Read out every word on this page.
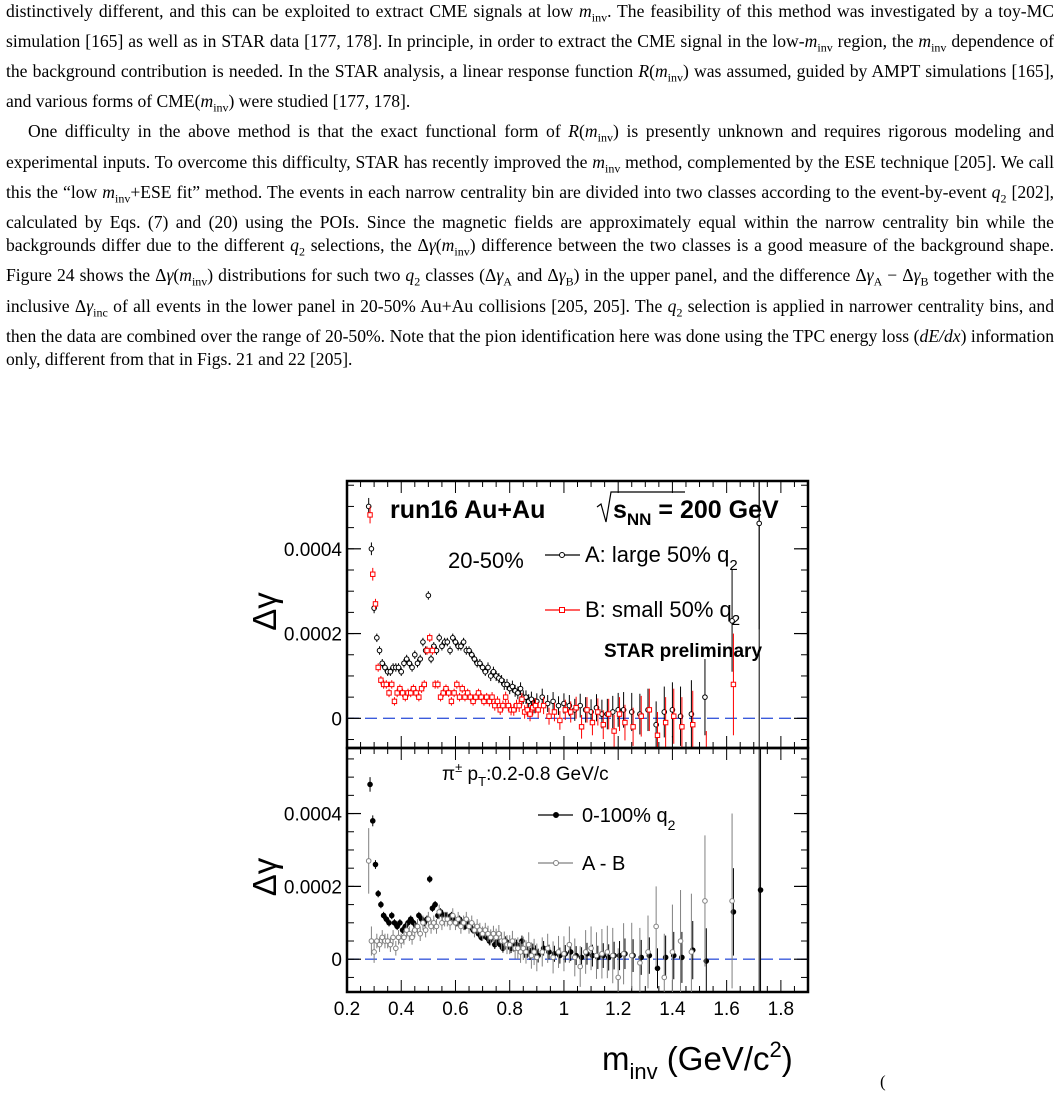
distinctively different, and this can be exploited to extract CME signals at low $m_{inv}$. The feasibility of this method was investigated by a toy-MC simulation [165] as well as in STAR data [177, 178]. In principle, in order to extract the CME signal in the low-$m_{inv}$ region, the $m_{inv}$ dependence of the background contribution is needed. In the STAR analysis, a linear response function $R(m_{inv})$ was assumed, guided by AMPT simulations [165], and various forms of $CME(m_{inv})$ were studied [177, 178].

One difficulty in the above method is that the exact functional form of $R(m_{inv})$ is presently unknown and requires rigorous modeling and experimental inputs. To overcome this difficulty, STAR has recently improved the $m_{inv}$ method, complemented by the ESE technique [205]. We call this the “low $m_{inv}+ESE$ fit” method. The events in each narrow centrality bin are divided into two classes according to the event-by-event $q_2$ [202], calculated by Eqs. (7) and (20) using the POIs. Since the magnetic fields are approximately equal within the narrow centrality bin while the backgrounds differ due to the different $q_2$ selections, the $\Delta\gamma(m_{inv})$ difference between the two classes is a good measure of the background shape. Figure 24 shows the $\Delta\gamma(m_{inv})$ distributions for such two $q_2$ classes ($\Delta\gamma_A$ and $\Delta\gamma_B$) in the upper panel, and the difference $\Delta\gamma_A - \Delta\gamma_B$ together with the inclusive $\Delta\gamma_{inc}$ of all events in the lower panel in 20-50% Au+Au collisions [205, 205]. The $q_2$ selection is applied in narrower centrality bins, and then the data are combined over the range of 20-50%. Note that the pion identification here was done using the TPC energy loss (dE/dx) information only, different from that in Figs. 21 and 22 [205].

0
0.0002
0.0004
Δγ
0
0.0002
0.0004
Δγ
run16 Au+Au	$s_{NN} = 200$ GeV
20-50%	A: large 50% $q_2$
B: small 50% $q_2$
STAR preliminary
π± $p_T:0.2-0.8$ GeV/c
0-100% $q_2$
A - B
0.2 0.4 0.6 0.8 1 1.2 1.4 1.6 1.8
$m_{inv}$ $(GeV/c^2)$
(
